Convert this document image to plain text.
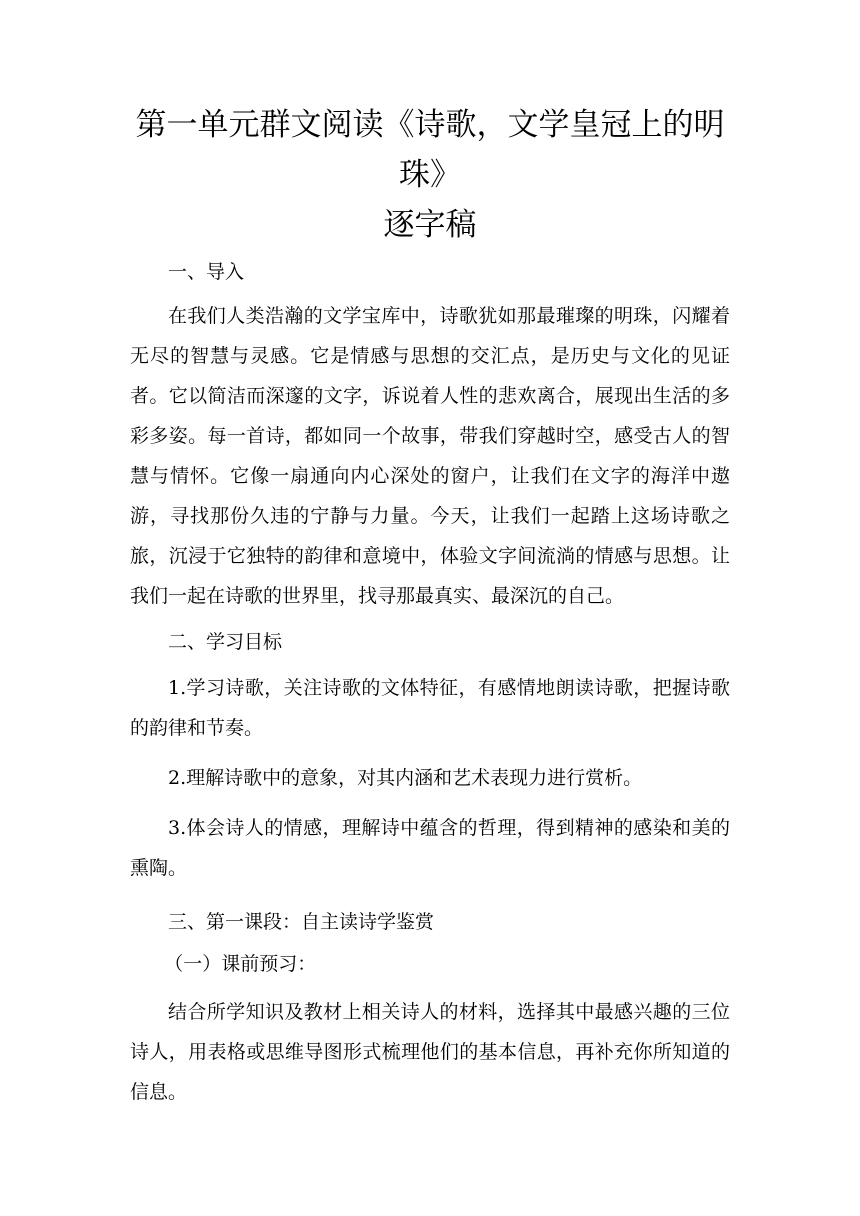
第一单元群文阅读《诗歌，文学皇冠上的明珠》
逐字稿

一、导入

在我们人类浩瀚的文学宝库中，诗歌犹如那最璀璨的明珠，闪耀着无尽的智慧与灵感。它是情感与思想的交汇点，是历史与文化的见证者。它以简洁而深邃的文字，诉说着人性的悲欢离合，展现出生活的多彩多姿。每一首诗，都如同一个故事，带我们穿越时空，感受古人的智慧与情怀。它像一扇通向内心深处的窗户，让我们在文字的海洋中遨游，寻找那份久违的宁静与力量。今天，让我们一起踏上这场诗歌之旅，沉浸于它独特的韵律和意境中，体验文字间流淌的情感与思想。让我们一起在诗歌的世界里，找寻那最真实、最深沉的自己。

二、学习目标

1.学习诗歌，关注诗歌的文体特征，有感情地朗读诗歌，把握诗歌的韵律和节奏。

2.理解诗歌中的意象，对其内涵和艺术表现力进行赏析。

3.体会诗人的情感，理解诗中蕴含的哲理，得到精神的感染和美的熏陶。

三、第一课段：自主读诗学鉴赏

（一）课前预习：

结合所学知识及教材上相关诗人的材料，选择其中最感兴趣的三位诗人，用表格或思维导图形式梳理他们的基本信息，再补充你所知道的信息。
